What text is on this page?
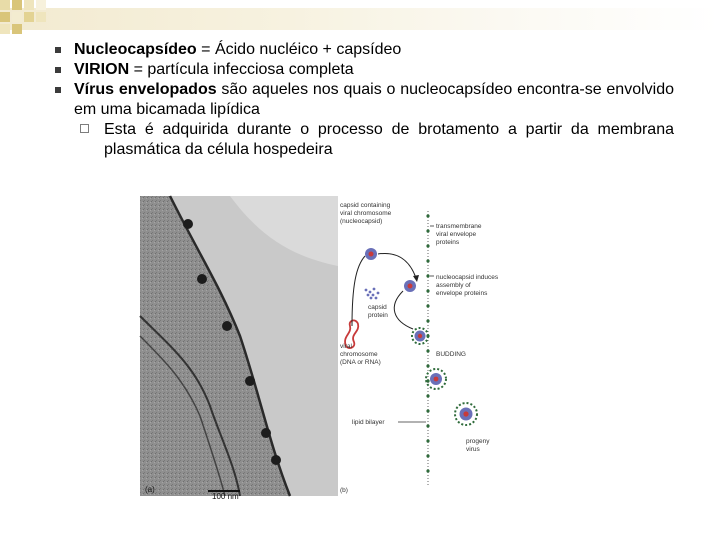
Nucleocapsídeo = Ácido nucléico + capsídeo
VIRION = partícula infecciosa completa
Vírus envelopados são aqueles nos quais o nucleocapsídeo encontra-se envolvido em uma bicamada lipídica
Esta é adquirida durante o processo de brotamento a partir da membrana plasmática da célula hospedeira
(a)
100 nm
capsid containing
viral chromosome
(nucleocapsid)
transmembrane
viral envelope
proteins
nucleocapsid induces
assembly of
envelope proteins
capsid
protein
viral
chromosome
(DNA or RNA)
BUDDING
lipid bilayer
progeny
virus
(b)
